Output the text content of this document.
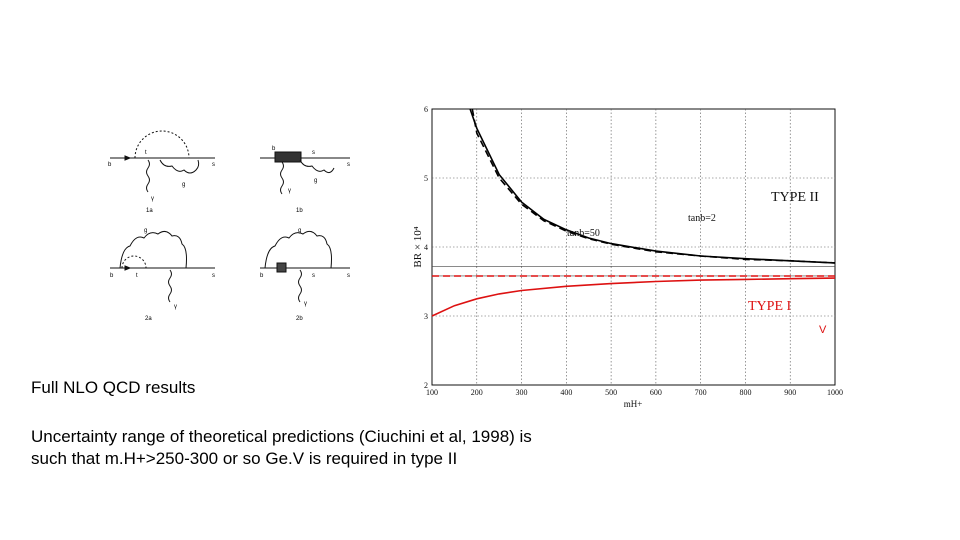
b
t
s
γ
g
1a
b
s
s
γ
g
1b
b	t	s
γ
g
2a
b	s	s
γ
g
2b
100	200	300	400	500	600	700	800	900	1000
2
3
4
5
6
mH+
BR × 10⁴
TYPE II
TYPE I
tanb=2
tanb=50
V
Full NLO QCD results
Uncertainty range of theoretical predictions (Ciuchini et al, 1998) is
such that m.H+>250-300 or so Ge.V is required in type II
